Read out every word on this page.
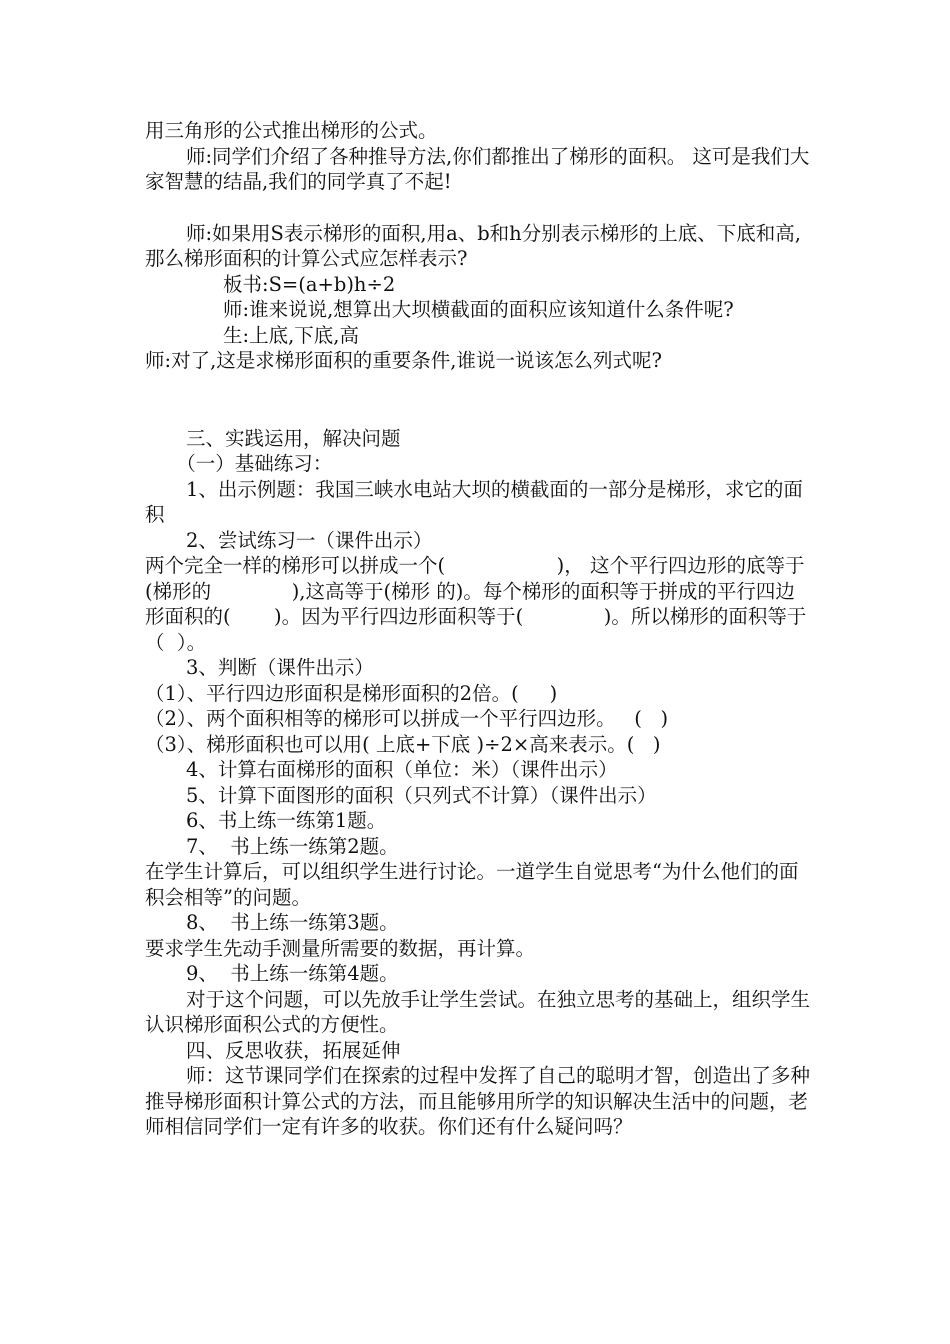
用三角形的公式推出梯形的公式。

师:同学们介绍了各种推导方法,你们都推出了梯形的面积。 这可是我们大家智慧的结晶,我们的同学真了不起!

师:如果用S表示梯形的面积,用a、b和h分别表示梯形的上底、下底和高,那么梯形面积的计算公式应怎样表示?

板书:S=(a+b)h÷2

师:谁来说说,想算出大坝横截面的面积应该知道什么条件呢?

生:上底,下底,高

师:对了,这是求梯形面积的重要条件,谁说一说该怎么列式呢?

三、实践运用，解决问题

（一）基础练习：

1、出示例题：我国三峡水电站大坝的横截面的一部分是梯形，求它的面积

2、尝试练习一（课件出示）

两个完全一样的梯形可以拼成一个(                  )， 这个平行四边形的底等于 (梯形的             ),这高等于(梯形 的)。每个梯形的面积等于拼成的平行四边形面积的(       )。因为平行四边形面积等于(             )。所以梯形的面积等于（  ）。

3、判断（课件出示）

（1）、平行四边形面积是梯形面积的2倍。(     )

（2）、两个面积相等的梯形可以拼成一个平行四边形。   (   )

（3）、梯形面积也可以用( 上底+下底 )÷2×高来表示。(   )

4、计算右面梯形的面积（单位：米）（课件出示）

5、计算下面图形的面积（只列式不计算）（课件出示）

6、书上练一练第1题。

7、  书上练一练第2题。

在学生计算后，可以组织学生进行讨论。一道学生自觉思考“为什么他们的面积会相等”的问题。

8、  书上练一练第3题。

要求学生先动手测量所需要的数据，再计算。

9、  书上练一练第4题。

对于这个问题，可以先放手让学生尝试。在独立思考的基础上，组织学生认识梯形面积公式的方便性。

四、反思收获，拓展延伸

师：这节课同学们在探索的过程中发挥了自己的聪明才智，创造出了多种推导梯形面积计算公式的方法，而且能够用所学的知识解决生活中的问题，老师相信同学们一定有许多的收获。你们还有什么疑问吗？
